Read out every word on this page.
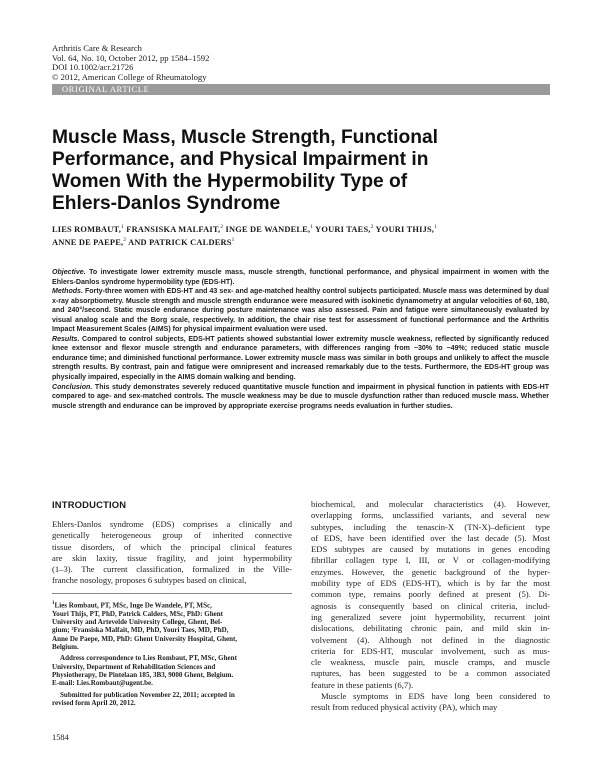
Arthritis Care & Research
Vol. 64, No. 10, October 2012, pp 1584–1592
DOI 10.1002/acr.21726
© 2012, American College of Rheumatology
ORIGINAL ARTICLE
Muscle Mass, Muscle Strength, Functional
Performance, and Physical Impairment in
Women With the Hypermobility Type of
Ehlers-Danlos Syndrome
LIES ROMBAUT,$^1$ FRANSISKA MALFAIT,$^2$ INGE DE WANDELE,$^1$ YOURI TAES,$^2$ YOURI THIJS,$^1$
ANNE DE PAEPE,$^2$ AND PATRICK CALDERS$^1$
Objective. To investigate lower extremity muscle mass, muscle strength, functional performance, and physical impairment in women with the Ehlers-Danlos syndrome hypermobility type (EDS-HT).
Methods. Forty-three women with EDS-HT and 43 sex- and age-matched healthy control subjects participated. Muscle mass was determined by dual x-ray absorptiometry. Muscle strength and muscle strength endurance were measured with isokinetic dynamometry at angular velocities of 60, 180, and 240°/second. Static muscle endurance during posture maintenance was also assessed. Pain and fatigue were simultaneously evaluated by visual analog scale and the Borg scale, respectively. In addition, the chair rise test for assessment of functional performance and the Arthritis Impact Measurement Scales (AIMS) for physical impairment evaluation were used.
Results. Compared to control subjects, EDS-HT patients showed substantial lower extremity muscle weakness, reflected by significantly reduced knee extensor and flexor muscle strength and endurance parameters, with differences ranging from −30% to −49%; reduced static muscle endurance time; and diminished functional performance. Lower extremity muscle mass was similar in both groups and unlikely to affect the muscle strength results. By contrast, pain and fatigue were omnipresent and increased remarkably due to the tests. Furthermore, the EDS-HT group was physically impaired, especially in the AIMS domain walking and bending.
Conclusion. This study demonstrates severely reduced quantitative muscle function and impairment in physical function in patients with EDS-HT compared to age- and sex-matched controls. The muscle weakness may be due to muscle dysfunction rather than reduced muscle mass. Whether muscle strength and endurance can be improved by appropriate exercise programs needs evaluation in further studies.
INTRODUCTION
Ehlers-Danlos syndrome (EDS) comprises a clinically and
genetically heterogeneous group of inherited connective
tissue disorders, of which the principal clinical features
are skin laxity, tissue fragility, and joint hypermobility
(1–3). The current classification, formalized in the Ville-
franche nosology, proposes 6 subtypes based on clinical,
$^1$Lies Rombaut, PT, MSc, Inge De Wandele, PT, MSc,
Youri Thijs, PT, PhD, Patrick Calders, MSc, PhD: Ghent
University and Artevelde University College, Ghent, Bel-
gium; ²Fransiska Malfait, MD, PhD, Youri Taes, MD, PhD,
Anne De Paepe, MD, PhD: Ghent University Hospital, Ghent,
Belgium.
Address correspondence to Lies Rombaut, PT, MSc, Ghent
University, Department of Rehabilitation Sciences and
Physiotherapy, De Pintelaan 185, 3B3, 9000 Ghent, Belgium.
E-mail: Lies.Rombaut@ugent.be.
Submitted for publication November 22, 2011; accepted in
revised form April 20, 2012.
biochemical, and molecular characteristics (4). However,
overlapping forms, unclassified variants, and several new
subtypes, including the tenascin-X (TN-X)–deficient type
of EDS, have been identified over the last decade (5). Most
EDS subtypes are caused by mutations in genes encoding
fibrillar collagen type I, III, or V or collagen-modifying
enzymes. However, the genetic background of the hyper-
mobility type of EDS (EDS-HT), which is by far the most
common type, remains poorly defined at present (5). Di-
agnosis is consequently based on clinical criteria, includ-
ing generalized severe joint hypermobility, recurrent joint
dislocations, debilitating chronic pain, and mild skin in-
volvement (4). Although not defined in the diagnostic
criteria for EDS-HT, muscular involvement, such as mus-
cle weakness, muscle pain, muscle cramps, and muscle
ruptures, has been suggested to be a common associated
feature in these patients (6,7).
Muscle symptoms in EDS have long been considered to
result from reduced physical activity (PA), which may
1584
